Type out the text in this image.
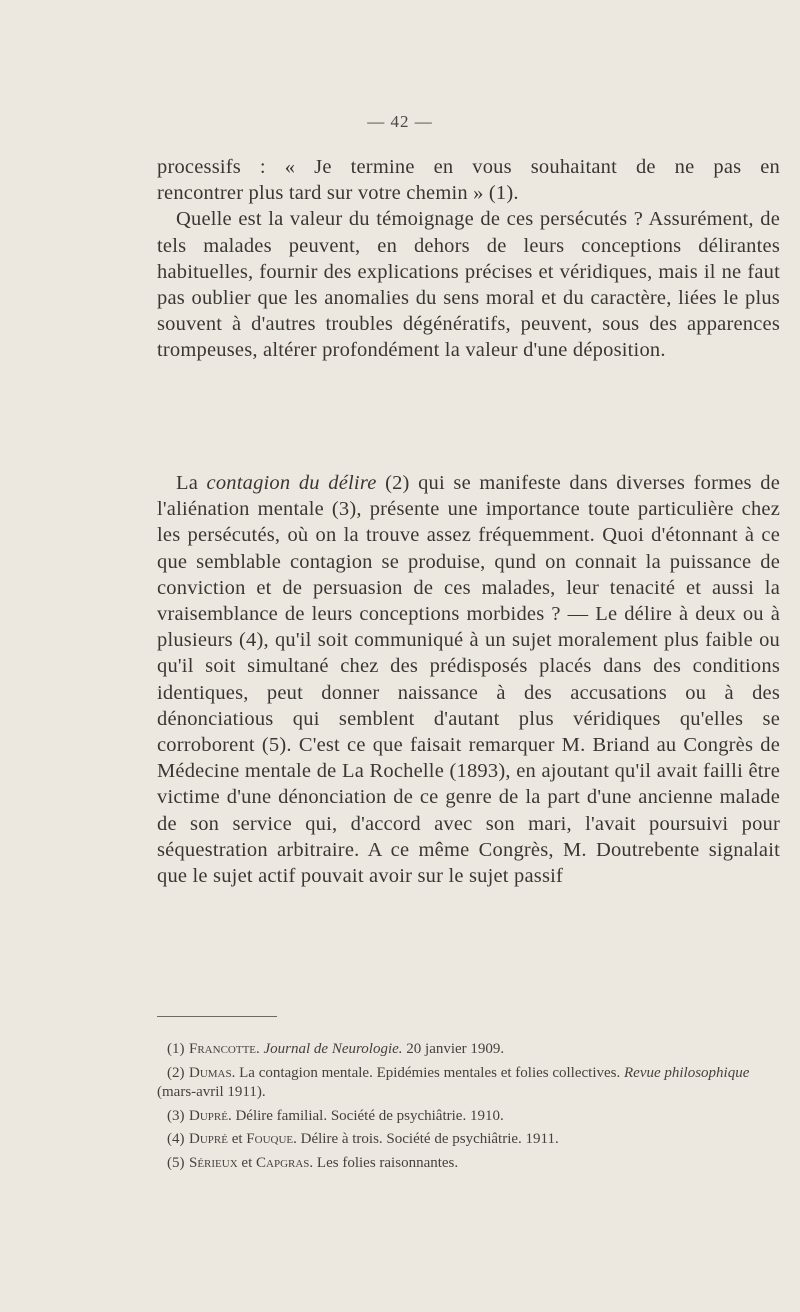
— 42 —

processifs : « Je termine en vous souhaitant de ne pas en

rencontrer plus tard sur votre chemin » (1).

Quelle est la valeur du témoignage de ces persécutés ? Assurément, de tels malades peuvent, en dehors de leurs conceptions délirantes habituelles, fournir des explications précises et véridiques, mais il ne faut pas oublier que les anomalies du sens moral et du caractère, liées le plus souvent à d'autres troubles dégénératifs, peuvent, sous des apparences trompeuses, altérer profondément la valeur d'une déposition.

La contagion du délire (2) qui se manifeste dans diverses formes de l'aliénation mentale (3), présente une importance toute particulière chez les persécutés, où on la trouve assez fréquemment. Quoi d'étonnant à ce que semblable contagion se produise, qund on connait la puissance de conviction et de persuasion de ces malades, leur tenacité et aussi la vraisemblance de leurs conceptions morbides ? — Le délire à deux ou à plusieurs (4), qu'il soit communiqué à un sujet moralement plus faible ou qu'il soit simultané chez des prédisposés placés dans des conditions identiques, peut donner naissance à des accusations ou à des dénonciatious qui semblent d'autant plus véridiques qu'elles se corroborent (5). C'est ce que faisait remarquer M. Briand au Congrès de Médecine mentale de La Rochelle (1893), en ajoutant qu'il avait failli être victime d'une dénonciation de ce genre de la part d'une ancienne malade de son service qui, d'accord avec son mari, l'avait poursuivi pour séquestration arbitraire. A ce même Congrès, M. Doutrebente signalait que le sujet actif pouvait avoir sur le sujet passif

(1) Francotte. Journal de Neurologie. 20 janvier 1909.

(2) Dumas. La contagion mentale. Epidémies mentales et folies collectives. Revue philosophique (mars-avril 1911).

(3) Dupré. Délire familial. Société de psychiâtrie. 1910.

(4) Dupré et Fouque. Délire à trois. Société de psychiâtrie. 1911.

(5) Sérieux et Capgras. Les folies raisonnantes.
